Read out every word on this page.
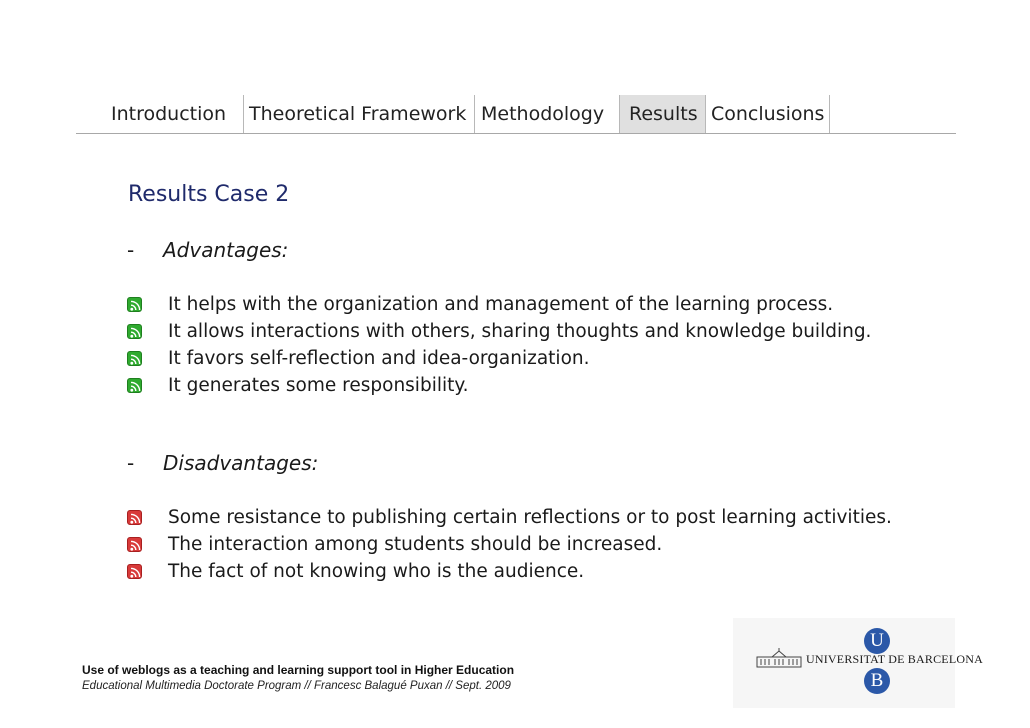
Introduction	Theoretical Framework Methodology	Results Conclusions
Results Case 2
- Advantages:
It helps with the organization and management of the learning process.
It allows interactions with others, sharing thoughts and knowledge building.
It favors self-reflection and idea-organization.
It generates some responsibility.
- Disadvantages:
Some resistance to publishing certain reflections or to post learning activities.
The interaction among students should be increased.
The fact of not knowing who is the audience.
Use of weblogs as a teaching and learning support tool in Higher Education
Educational Multimedia Doctorate Program // Francesc Balagué Puxan // Sept. 2009
U
UNIVERSITAT DE BARCELONA
B
